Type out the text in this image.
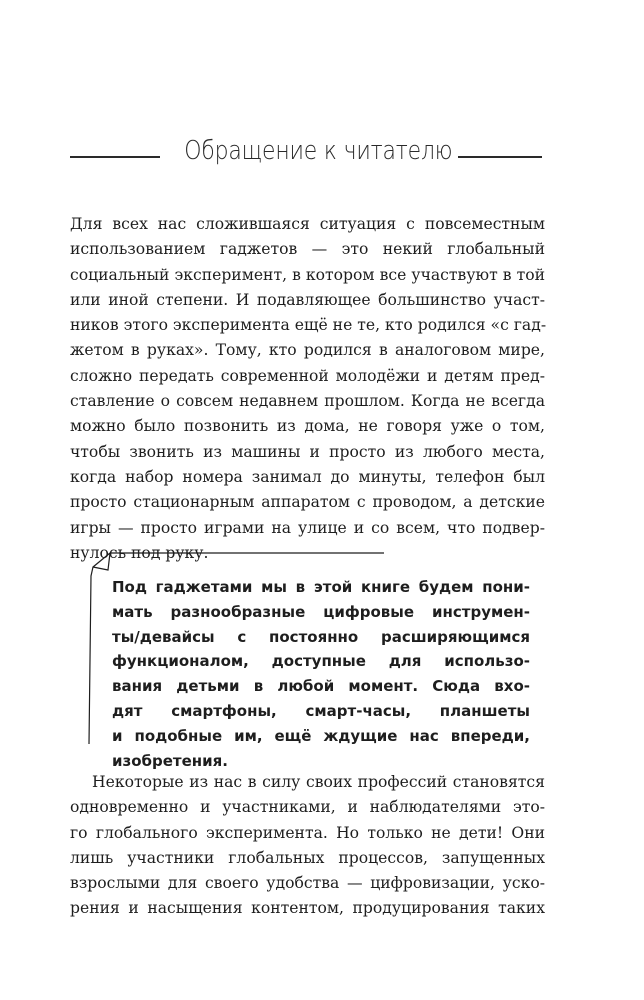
Обращение к читателю
Для всех нас сложившаяся ситуация с повсеместным
использованием гаджетов — это некий глобальный
социальный эксперимент, в котором все участвуют в той
или иной степени. И подавляющее большинство участ-
ников этого эксперимента ещё не те, кто родился «с гад-
жетом в руках». Тому, кто родился в аналоговом мире,
сложно передать современной молодёжи и детям пред-
ставление о совсем недавнем прошлом. Когда не всегда
можно было позвонить из дома, не говоря уже о том,
чтобы звонить из машины и просто из любого места,
когда набор номера занимал до минуты, телефон был
просто стационарным аппаратом с проводом, а детские
игры — просто играми на улице и со всем, что подвер-
нулось под руку.
Под гаджетами мы в этой книге будем пони-
мать разнообразные цифровые инструмен-
ты/девайсы с постоянно расширяющимся
функционалом, доступные для использо-
вания детьми в любой момент. Сюда вхо-
дят смартфоны, смарт-часы, планшеты
и подобные им, ещё ждущие нас впереди,
изобретения.
Некоторые из нас в силу своих профессий становятся
одновременно и участниками, и наблюдателями это-
го глобального эксперимента. Но только не дети! Они
лишь участники глобальных процессов, запущенных
взрослыми для своего удобства — цифровизации, уско-
рения и насыщения контентом, продуцирования таких
